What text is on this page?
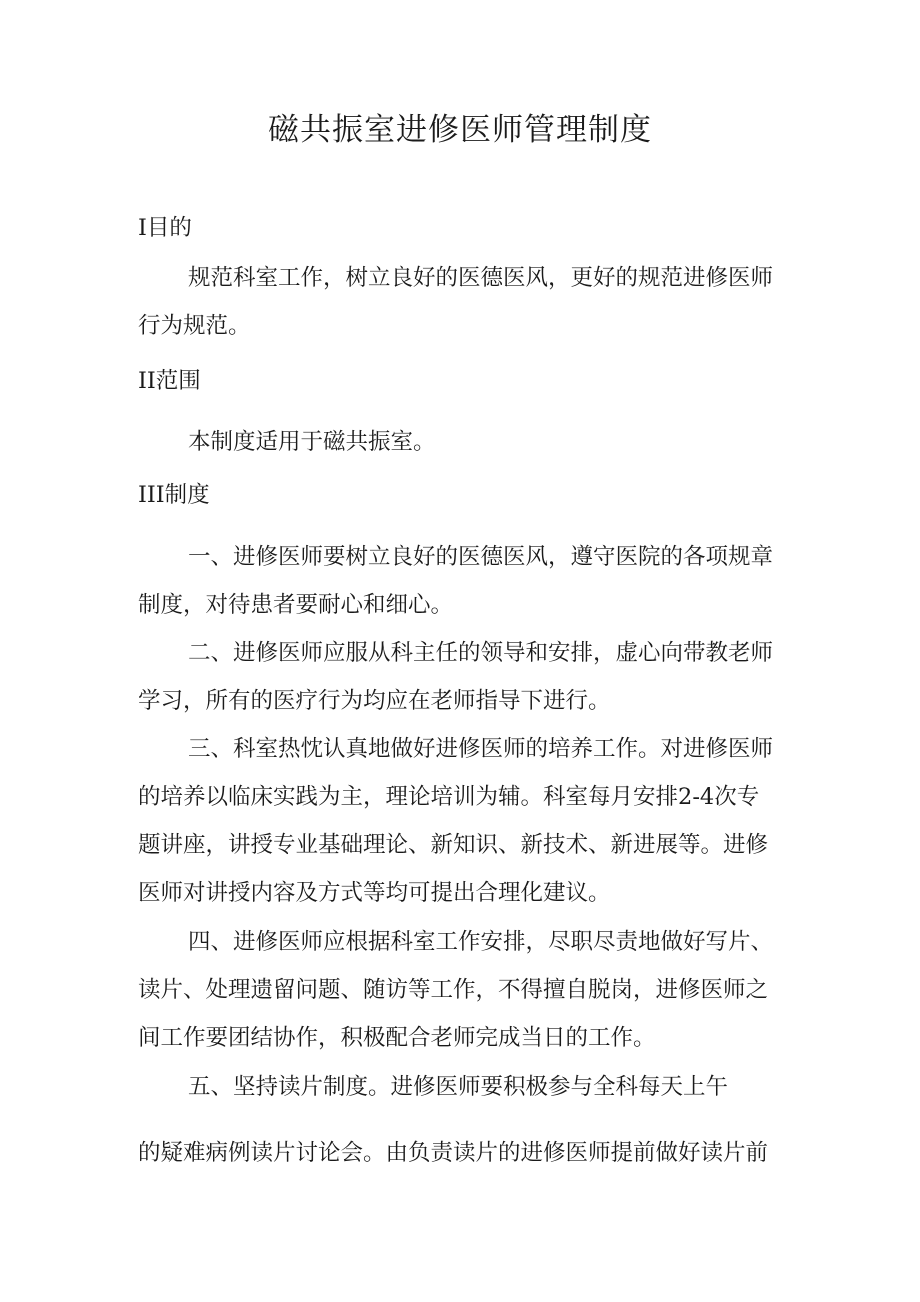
磁共振室进修医师管理制度

I目的

规范科室工作，树立良好的医德医风，更好的规范进修医师

行为规范。

II范围

本制度适用于磁共振室。

III制度

一、进修医师要树立良好的医德医风，遵守医院的各项规章

制度，对待患者要耐心和细心。

二、进修医师应服从科主任的领导和安排，虚心向带教老师

学习，所有的医疗行为均应在老师指导下进行。

三、科室热忱认真地做好进修医师的培养工作。对进修医师

的培养以临床实践为主，理论培训为辅。科室每月安排2-4次专

题讲座，讲授专业基础理论、新知识、新技术、新进展等。进修

医师对讲授内容及方式等均可提出合理化建议。

四、进修医师应根据科室工作安排，尽职尽责地做好写片、

读片、处理遗留问题、随访等工作，不得擅自脱岗，进修医师之

间工作要团结协作，积极配合老师完成当日的工作。

五、坚持读片制度。进修医师要积极参与全科每天上午

的疑难病例读片讨论会。由负责读片的进修医师提前做好读片前
